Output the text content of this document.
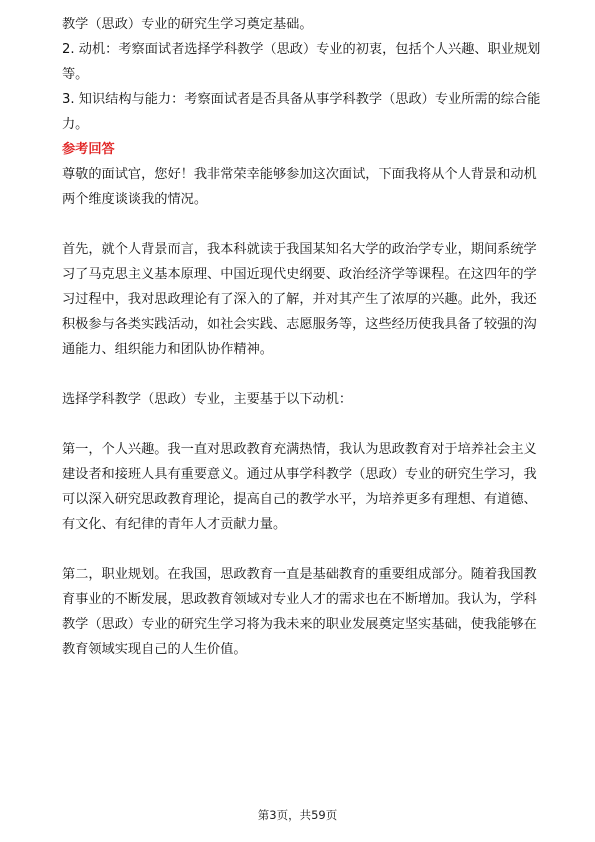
教学（思政）专业的研究生学习奠定基础。

2. 动机：考察面试者选择学科教学（思政）专业的初衷，包括个人兴趣、职业规划

等。

3. 知识结构与能力：考察面试者是否具备从事学科教学（思政）专业所需的综合能

力。

参考回答

尊敬的面试官，您好！我非常荣幸能够参加这次面试，下面我将从个人背景和动机

两个维度谈谈我的情况。

首先，就个人背景而言，我本科就读于我国某知名大学的政治学专业，期间系统学

习了马克思主义基本原理、中国近现代史纲要、政治经济学等课程。在这四年的学

习过程中，我对思政理论有了深入的了解，并对其产生了浓厚的兴趣。此外，我还

积极参与各类实践活动，如社会实践、志愿服务等，这些经历使我具备了较强的沟

通能力、组织能力和团队协作精神。

选择学科教学（思政）专业，主要基于以下动机：

第一，个人兴趣。我一直对思政教育充满热情，我认为思政教育对于培养社会主义

建设者和接班人具有重要意义。通过从事学科教学（思政）专业的研究生学习，我

可以深入研究思政教育理论，提高自己的教学水平，为培养更多有理想、有道德、

有文化、有纪律的青年人才贡献力量。

第二，职业规划。在我国，思政教育一直是基础教育的重要组成部分。随着我国教

育事业的不断发展，思政教育领域对专业人才的需求也在不断增加。我认为，学科

教学（思政）专业的研究生学习将为我未来的职业发展奠定坚实基础，使我能够在

教育领域实现自己的人生价值。

第3页，共59页
